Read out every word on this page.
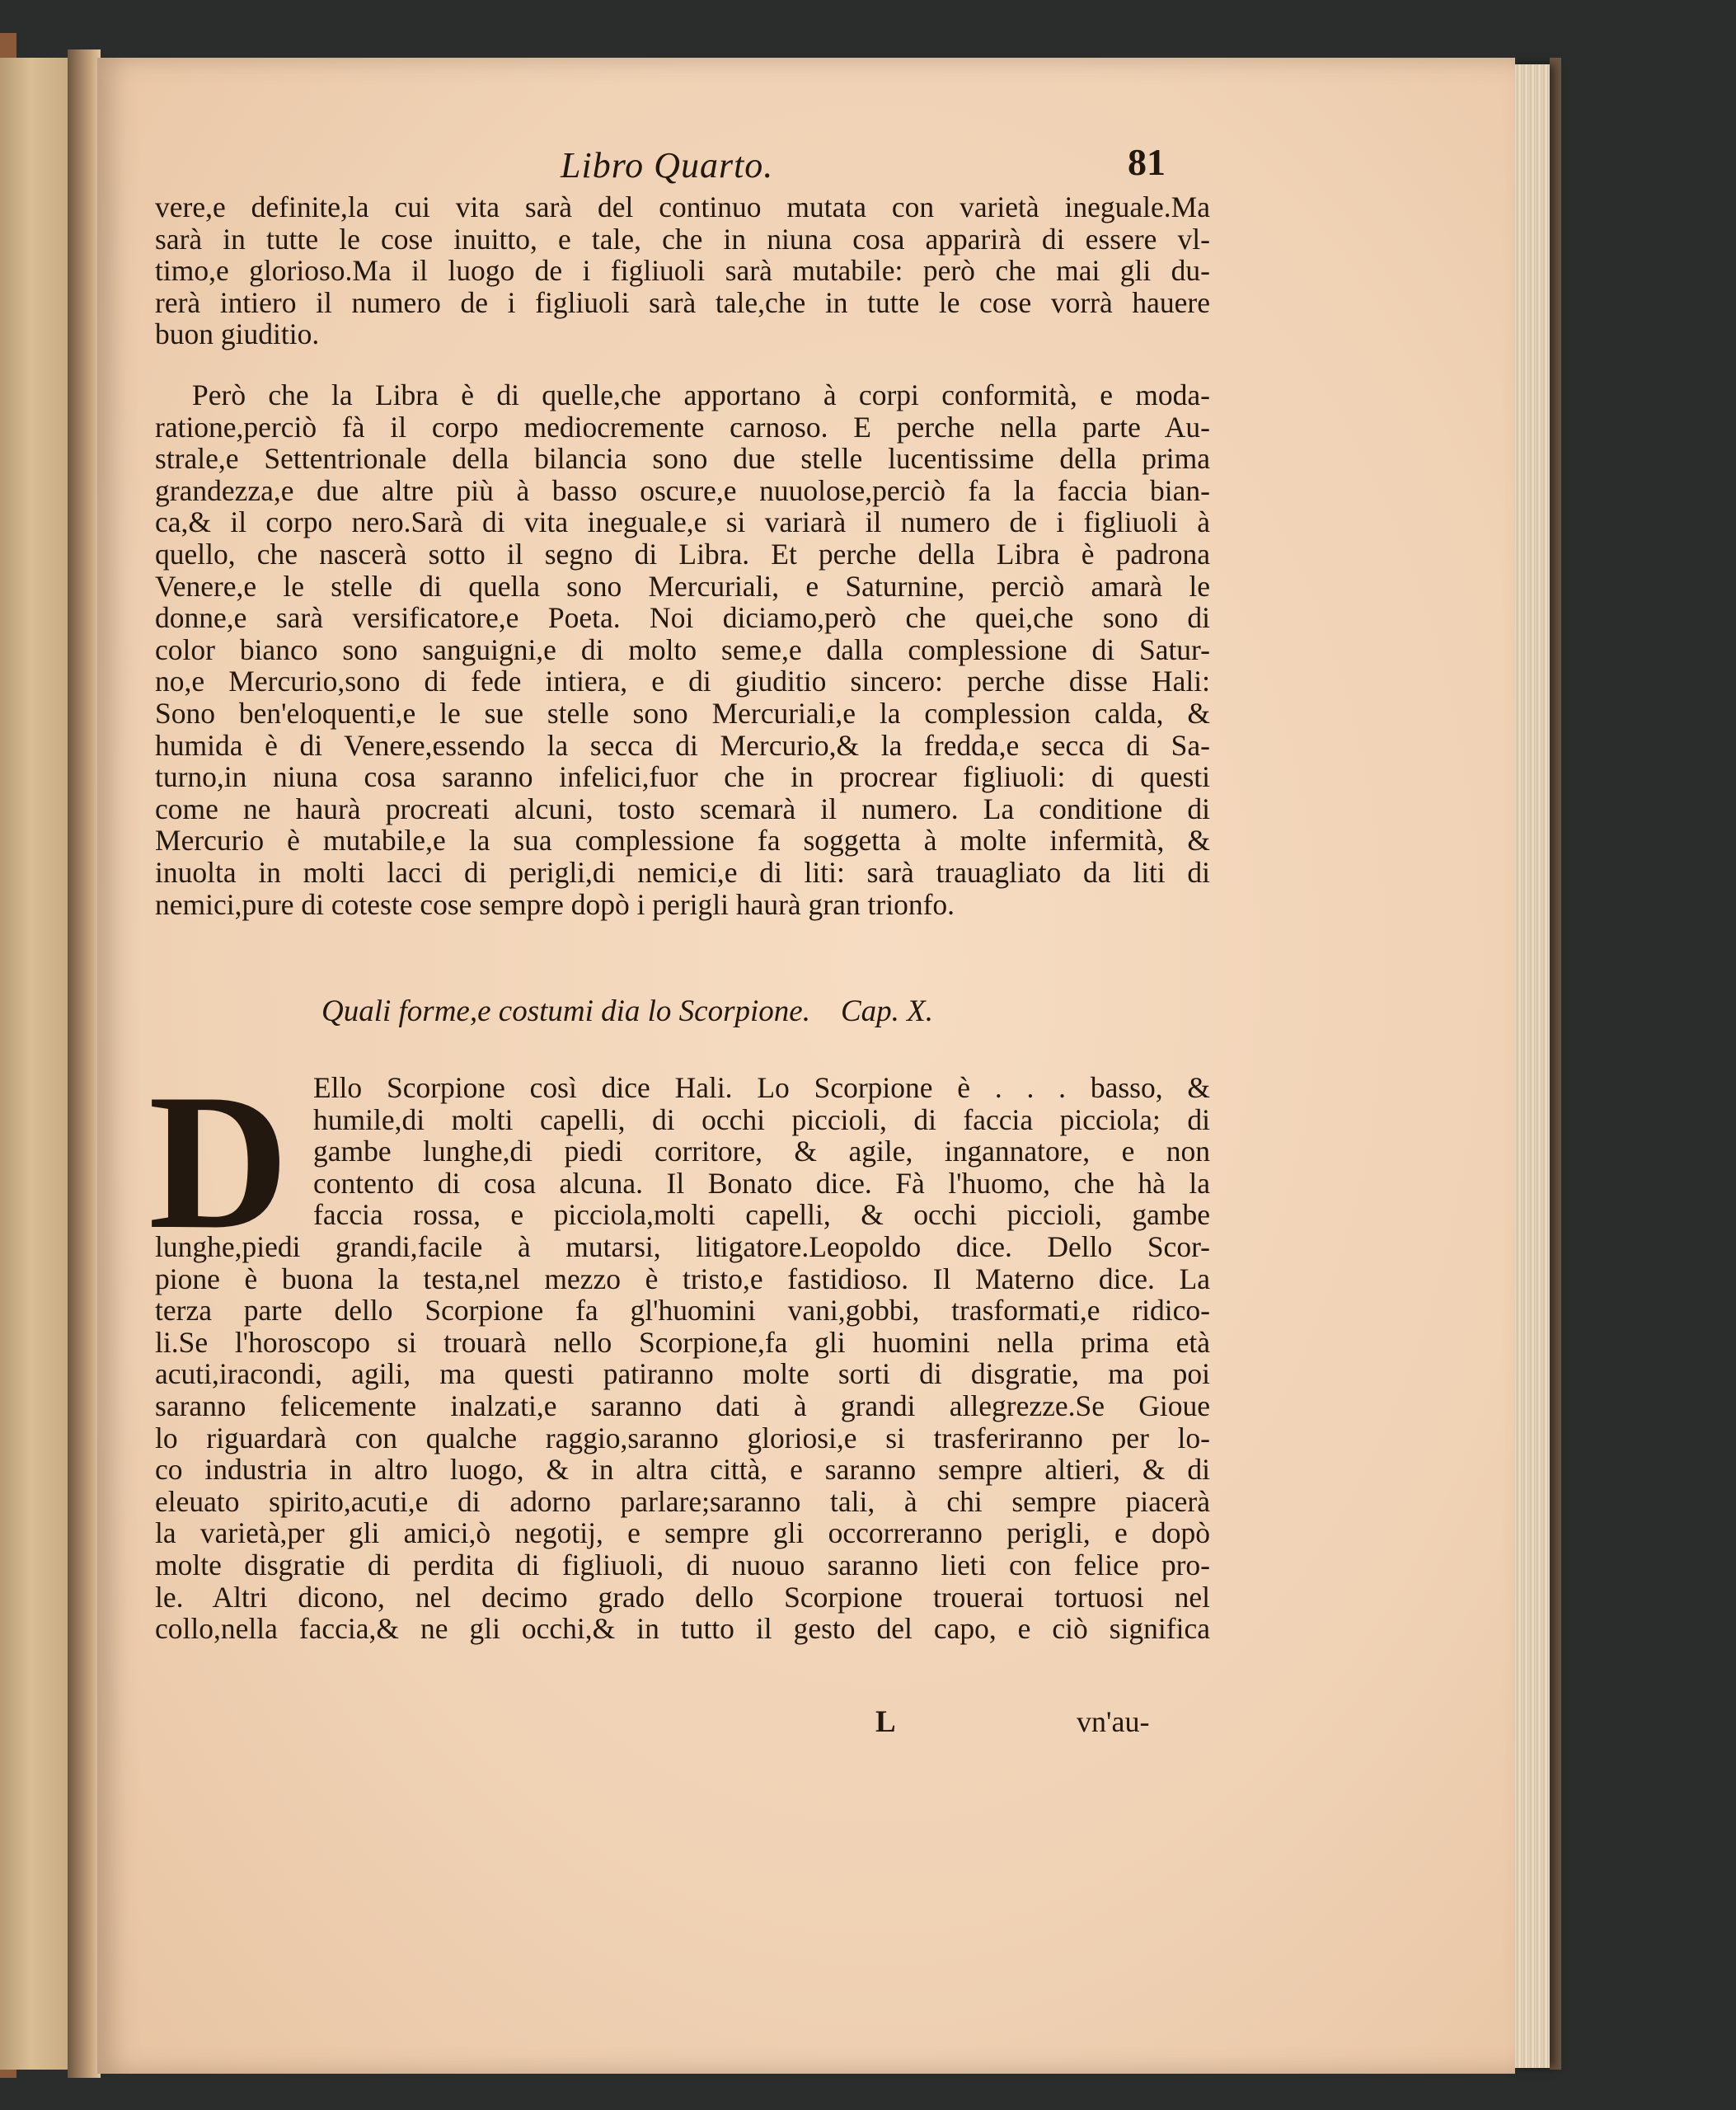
Libro Quarto.	81
vere,e definite,la cui vita sarà del continuo mutata con varietà ineguale.Ma
sarà in tutte le cose inuitto, e tale, che in niuna cosa apparirà di essere vl-
timo,e glorioso.Ma il luogo de i figliuoli sarà mutabile: però che mai gli du-
rerà intiero il numero de i figliuoli sarà tale,che in tutte le cose vorrà hauere
buon giuditio.
Però che la Libra è di quelle,che apportano à corpi conformità, e moda-
ratione,perciò fà il corpo mediocremente carnoso. E perche nella parte Au-
strale,e Settentrionale della bilancia sono due stelle lucentissime della prima
grandezza,e due altre più à basso oscure,e nuuolose,perciò fa la faccia bian-
ca,& il corpo nero.Sarà di vita ineguale,e si variarà il numero de i figliuoli à
quello, che nascerà sotto il segno di Libra. Et perche della Libra è padrona
Venere,e le stelle di quella sono Mercuriali, e Saturnine, perciò amarà le
donne,e sarà versificatore,e Poeta. Noi diciamo,però che quei,che sono di
color bianco sono sanguigni,e di molto seme,e dalla complessione di Satur-
no,e Mercurio,sono di fede intiera, e di giuditio sincero: perche disse Hali:
Sono ben'eloquenti,e le sue stelle sono Mercuriali,e la complession calda, &
humida è di Venere,essendo la secca di Mercurio,& la fredda,e secca di Sa-
turno,in niuna cosa saranno infelici,fuor che in procrear figliuoli: di questi
come ne haurà procreati alcuni, tosto scemarà il numero. La conditione di
Mercurio è mutabile,e la sua complessione fa soggetta à molte infermità, &
inuolta in molti lacci di perigli,di nemici,e di liti: sarà trauagliato da liti di
nemici,pure di coteste cose sempre dopò i perigli haurà gran trionfo.
Quali forme,e costumi dia lo Scorpione. Cap. X.
D Ello Scorpione così dice Hali. Lo Scorpione è . . . basso, &
humile,di molti capelli, di occhi piccioli, di faccia picciola; di
gambe lunghe,di piedi corritore, & agile, ingannatore, e non
contento di cosa alcuna. Il Bonato dice. Fà l'huomo, che hà la
faccia rossa, e picciola,molti capelli, & occhi piccioli, gambe
lunghe,piedi grandi,facile à mutarsi, litigatore.Leopoldo dice. Dello Scor-
pione è buona la testa,nel mezzo è tristo,e fastidioso. Il Materno dice. La
terza parte dello Scorpione fa gl'huomini vani,gobbi, trasformati,e ridico-
li.Se l'horoscopo si trouarà nello Scorpione,fa gli huomini nella prima età
acuti,iracondi, agili, ma questi patiranno molte sorti di disgratie, ma poi
saranno felicemente inalzati,e saranno dati à grandi allegrezze.Se Gioue
lo riguardarà con qualche raggio,saranno gloriosi,e si trasferiranno per lo-
co industria in altro luogo, & in altra città, e saranno sempre altieri, & di
eleuato spirito,acuti,e di adorno parlare;saranno tali, à chi sempre piacerà
la varietà,per gli amici,ò negotij, e sempre gli occorreranno perigli, e dopò
molte disgratie di perdita di figliuoli, di nuouo saranno lieti con felice pro-
le. Altri dicono, nel decimo grado dello Scorpione trouerai tortuosi nel
collo,nella faccia,& ne gli occhi,& in tutto il gesto del capo, e ciò significa
L	vn'au-
